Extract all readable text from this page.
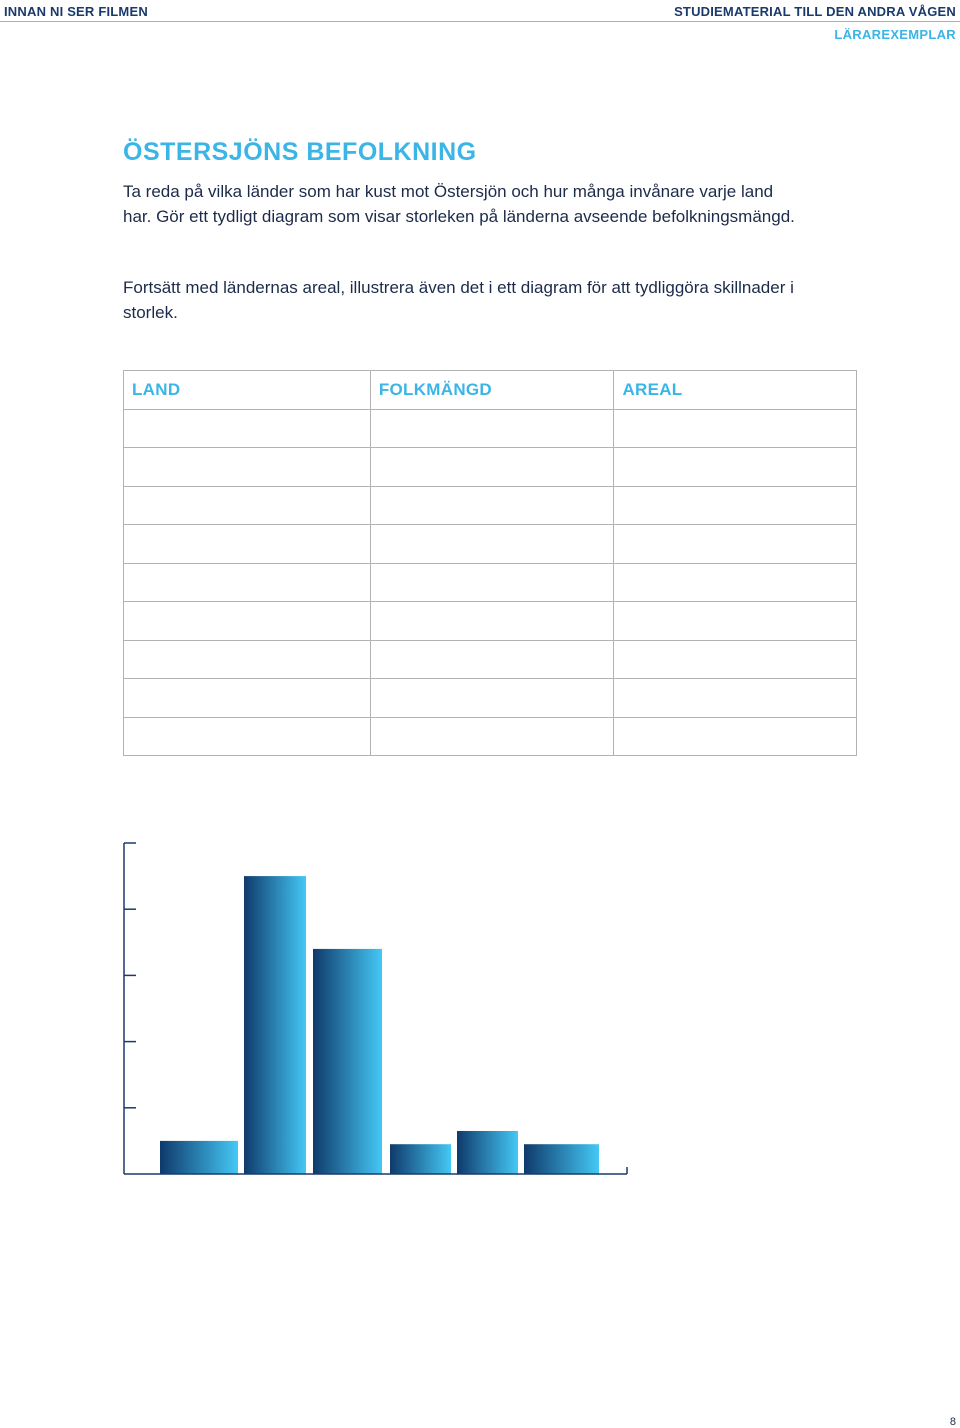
INNAN NI SER FILMEN	STUDIEMATERIAL TILL DEN ANDRA VÅGEN
LÄRAREXEMPLAR
ÖSTERSJÖNS BEFOLKNING

Ta reda på vilka länder som har kust mot Östersjön och hur många invånare varje land har. Gör ett tydligt diagram som visar storleken på länderna avseende befolkningsmängd.

Fortsätt med ländernas areal, illustrera även det i ett diagram för att tydliggöra skillnader i storlek.

LAND	FOLKMÄNGD	AREAL

8
